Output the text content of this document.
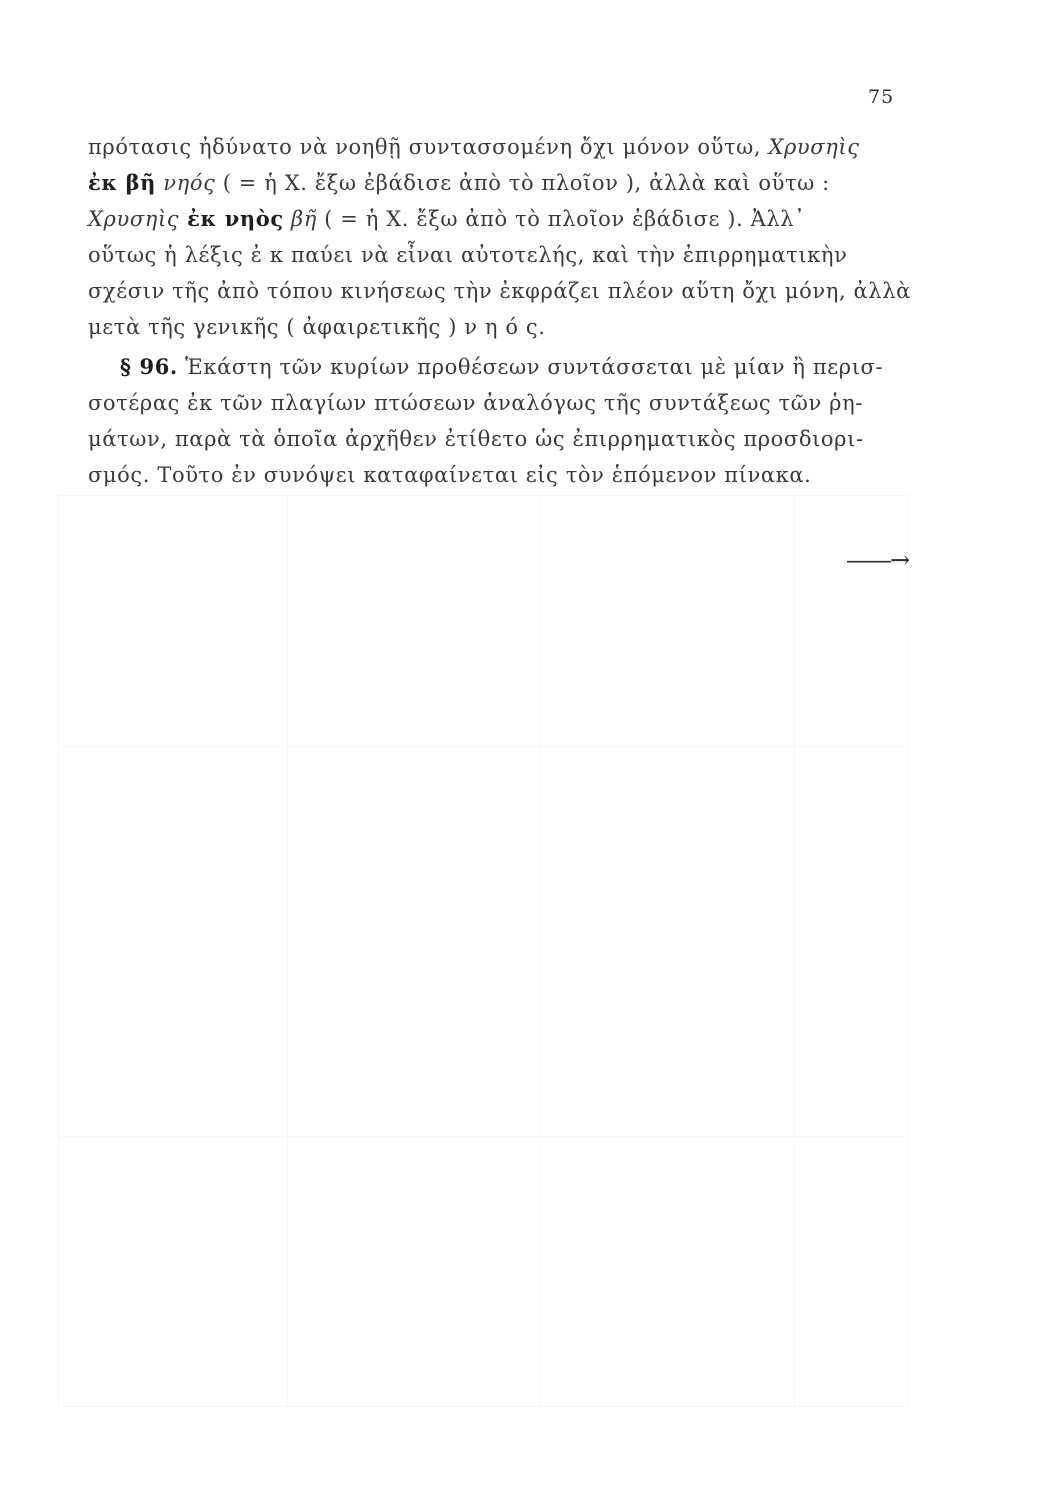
75
πρότασις ἠδύνατο νὰ νοηθῇ συντασσομένη ὄχι μόνον οὕτω, Χρυσηὶς
ἐκ βῆ νηός ( = ἡ Χ. ἔξω ἐβάδισε ἀπὸ τὸ πλοῖον ), ἀλλὰ καὶ οὕτω :
Χρυσηὶς ἐκ νηὸς βῆ ( = ἡ Χ. ἔξω ἀπὸ τὸ πλοῖον ἐβάδισε ). Ἀλλ᾽
οὕτως ἡ λέξις ἐ κ παύει νὰ εἶναι αὐτοτελής, καὶ τὴν ἐπιρρηματικὴν
σχέσιν τῆς ἀπὸ τόπου κινήσεως τὴν ἐκφράζει πλέον αὕτη ὄχι μόνη, ἀλλὰ
μετὰ τῆς γενικῆς ( ἀφαιρετικῆς ) ν η ό ς.
§ 96. Ἑκάστη τῶν κυρίων προθέσεων συντάσσεται μὲ μίαν ἢ περισ-
σοτέρας ἐκ τῶν πλαγίων πτώσεων ἀναλόγως τῆς συντάξεως τῶν ῥη-
μάτων, παρὰ τὰ ὁποῖα ἀρχῆθεν ἐτίθετο ὡς ἐπιρρηματικὸς προσδιορι-
σμός. Τοῦτο ἐν συνόψει καταφαίνεται εἰς τὸν ἑπόμενον πίνακα.
——→
